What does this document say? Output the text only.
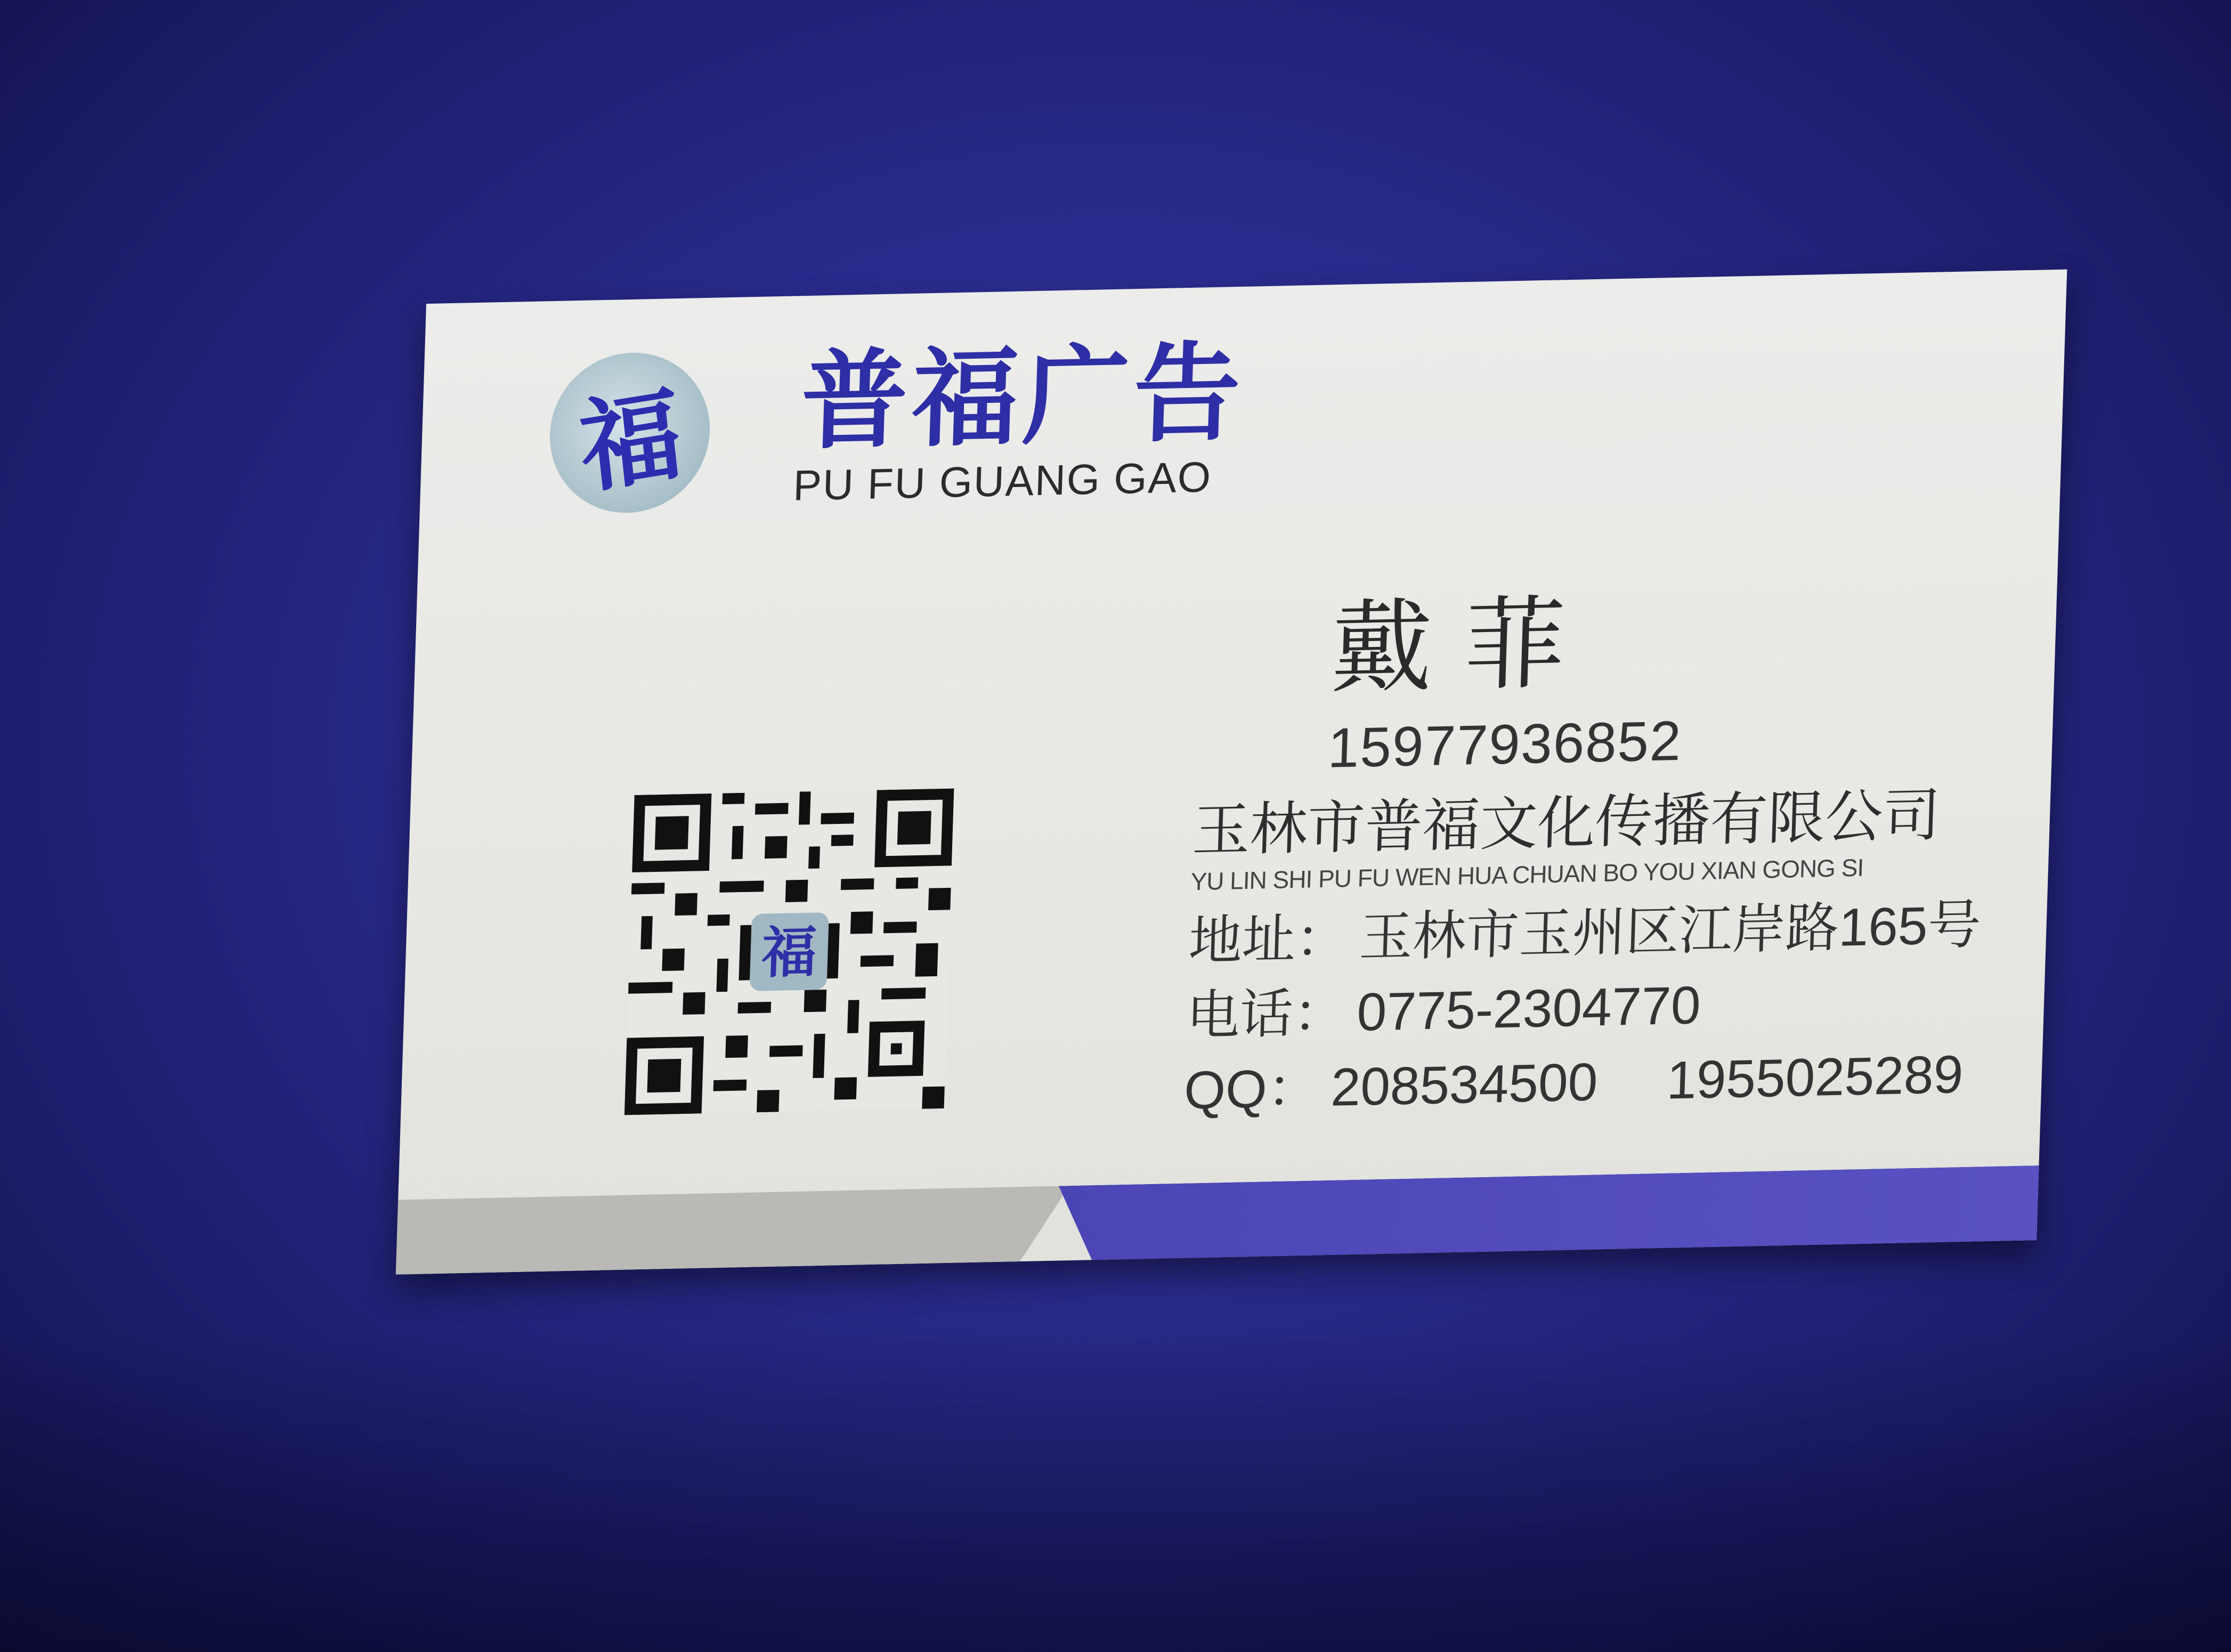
福 普福广告
PU FU GUANG GAO
戴菲
15977936852
福
玉林市普福文化传播有限公司
YU LIN SHI PU FU WEN HUA CHUAN BO YOU XIAN GONG SI
地址： 玉林市玉州区江岸路165号
电话： 0775-2304770
QQ： 208534500 1955025289
